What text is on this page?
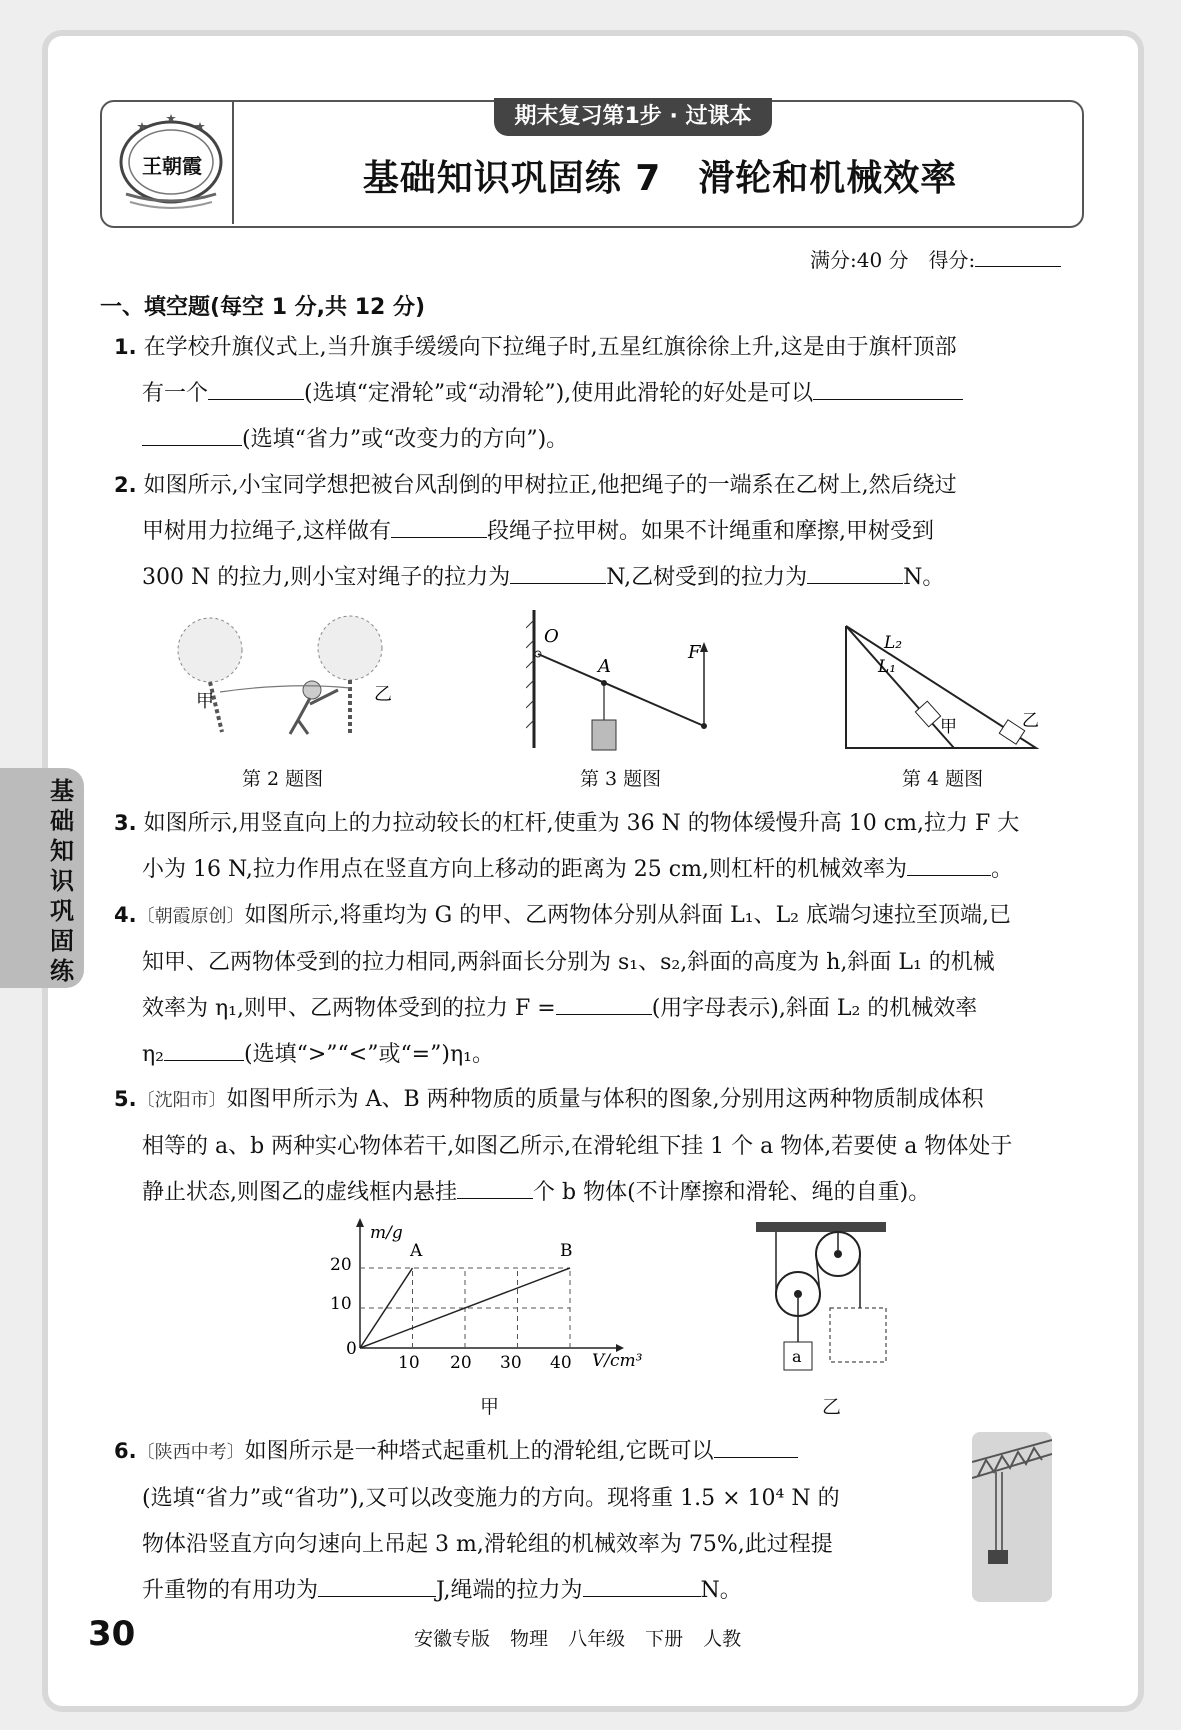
王朝霞
期末复习第1步 · 过课本
基础知识巩固练 7　滑轮和机械效率
满分:40 分　得分:
一、填空题(每空 1 分,共 12 分)
基础知识巩固练
1. 在学校升旗仪式上,当升旗手缓缓向下拉绳子时,五星红旗徐徐上升,这是由于旗杆顶部
有一个	(选填“定滑轮”或“动滑轮”),使用此滑轮的好处是可以
(选填“省力”或“改变力的方向”)。
2. 如图所示,小宝同学想把被台风刮倒的甲树拉正,他把绳子的一端系在乙树上,然后绕过
甲树用力拉绳子,这样做有	段绳子拉甲树。如果不计绳重和摩擦,甲树受到
300 N 的拉力,则小宝对绳子的拉力为	N,乙树受到的拉力为	N。
甲	乙
第 2 题图
O
A
F
第 3 题图
L₂
L₁
甲	乙
第 4 题图
3. 如图所示,用竖直向上的力拉动较长的杠杆,使重为 36 N 的物体缓慢升高 10 cm,拉力 F 大
小为 16 N,拉力作用点在竖直方向上移动的距离为 25 cm,则杠杆的机械效率为	。
4.〔朝霞原创〕如图所示,将重均为 G 的甲、乙两物体分别从斜面 L₁、L₂ 底端匀速拉至顶端,已
知甲、乙两物体受到的拉力相同,两斜面长分别为 s₁、s₂,斜面的高度为 h,斜面 L₁ 的机械
效率为 η₁,则甲、乙两物体受到的拉力 F =	(用字母表示),斜面 L₂ 的机械效率
η₂	(选填“>”“<”或“=”)η₁。
5.〔沈阳市〕如图甲所示为 A、B 两种物质的质量与体积的图象,分别用这两种物质制成体积
相等的 a、b 两种实心物体若干,如图乙所示,在滑轮组下挂 1 个 a 物体,若要使 a 物体处于
静止状态,则图乙的虚线框内悬挂	个 b 物体(不计摩擦和滑轮、绳的自重)。
m/g
V/cm³
20
10
0
10 20 30 40
A	B
甲
a
乙
6.〔陕西中考〕如图所示是一种塔式起重机上的滑轮组,它既可以
(选填“省力”或“省功”),又可以改变施力的方向。现将重 1.5 × 10⁴ N 的
物体沿竖直方向匀速向上吊起 3 m,滑轮组的机械效率为 75%,此过程提
升重物的有用功为	J,绳端的拉力为	N。
30	安徽专版 物理 八年级 下册 人教
